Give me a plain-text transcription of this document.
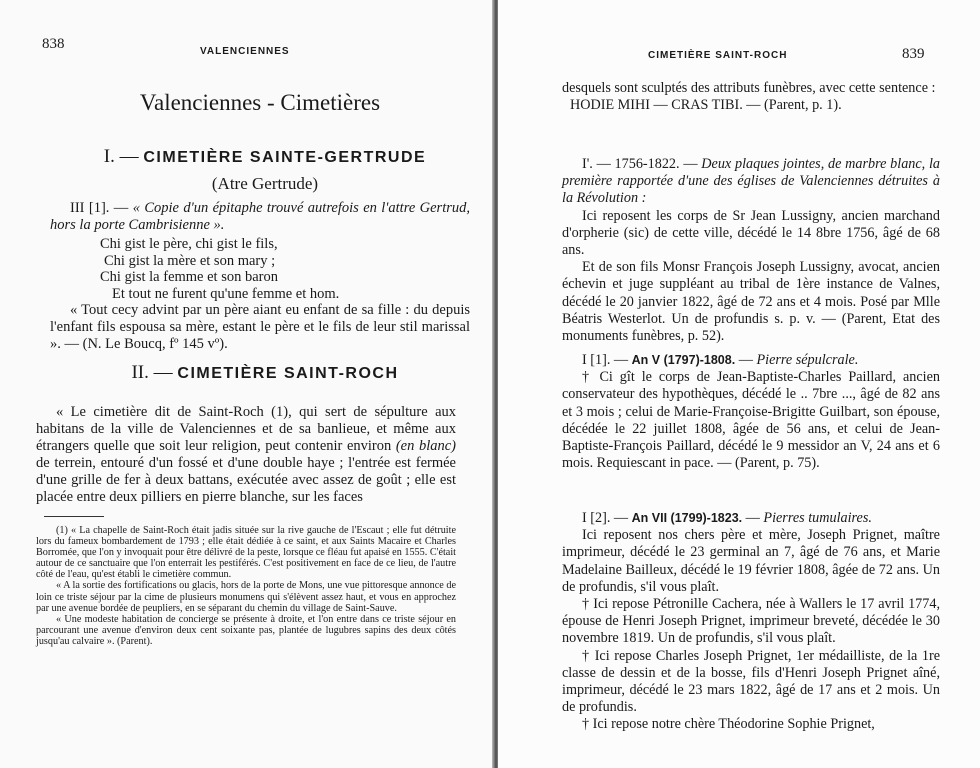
838	VALENCIENNES
Valenciennes - Cimetières
I. — CIMETIÈRE SAINTE-GERTRUDE
(Atre Gertrude)

III [1]. — « Copie d'un épitaphe trouvé autrefois en l'attre Gertrud, hors la porte Cambrisienne ».

Chi gist le père, chi gist le fils,
Chi gist la mère et son mary ;
Chi gist la femme et son baron
Et tout ne furent qu'une femme et hom.

« Tout cecy advint par un père aiant eu enfant de sa fille : du depuis l'enfant fils espousa sa mère, estant le père et le fils de leur stil marissal ». — (N. Le Boucq, fº 145 vº).

II. — CIMETIÈRE SAINT-ROCH

« Le cimetière dit de Saint-Roch (1), qui sert de sépulture aux habitans de la ville de Valenciennes et de sa banlieue, et même aux étrangers quelle que soit leur religion, peut contenir environ (en blanc) de terrein, entouré d'un fossé et d'une double haye ; l'entrée est fermée d'une grille de fer à deux battans, exécutée avec assez de goût ; elle est placée entre deux pilliers en pierre blanche, sur les faces

(1) « La chapelle de Saint-Roch était jadis située sur la rive gauche de l'Escaut ; elle fut détruite lors du fameux bombardement de 1793 ; elle était dédiée à ce saint, et aux Saints Macaire et Charles Borromée, que l'on y invoquait pour être délivré de la peste, lorsque ce fléau fut apaisé en 1555. C'était autour de ce sanctuaire que l'on enterrait les pestiférés. C'est positivement en face de ce lieu, de l'autre côté de l'eau, qu'est établi le cimetière commun.

« A la sortie des fortifications ou glacis, hors de la porte de Mons, une vue pittoresque annonce de loin ce triste séjour par la cime de plusieurs monumens qui s'élèvent assez haut, et vous en approchez par une avenue bordée de peupliers, en se séparant du chemin du village de Saint-Sauve.

« Une modeste habitation de concierge se présente à droite, et l'on entre dans ce triste séjour en parcourant une avenue d'environ deux cent soixante pas, plantée de lugubres sapins des deux côtés jusqu'au calvaire ». (Parent).

CIMETIÈRE SAINT-ROCH	839

desquels sont sculptés des attributs funèbres, avec cette sentence :

HODIE MIHI — CRAS TIBI. — (Parent, p. 1).

I'. — 1756-1822. — Deux plaques jointes, de marbre blanc, la première rapportée d'une des églises de Valenciennes détruites à la Révolution :

Ici reposent les corps de Sr Jean Lussigny, ancien marchand d'orpherie (sic) de cette ville, décédé le 14 8bre 1756, âgé de 68 ans.

Et de son fils Monsr François Joseph Lussigny, avocat, ancien échevin et juge suppléant au tribal de 1ère instance de Valnes, décédé le 20 janvier 1822, âgé de 72 ans et 4 mois. Posé par Mlle Béatris Westerlot. Un de profundis s. p. v. — (Parent, Etat des monuments funèbres, p. 52).

I [1]. — An V (1797)-1808. — Pierre sépulcrale.

† Ci gît le corps de Jean-Baptiste-Charles Paillard, ancien conservateur des hypothèques, décédé le .. 7bre ..., âgé de 82 ans et 3 mois ; celui de Marie-Françoise-Brigitte Guilbart, son épouse, décédée le 22 juillet 1808, âgée de 56 ans, et celui de Jean-Baptiste-François Paillard, décédé le 9 messidor an V, 24 ans et 6 mois. Requiescant in pace. — (Parent, p. 75).

I [2]. — An VII (1799)-1823. — Pierres tumulaires.

Ici reposent nos chers père et mère, Joseph Prignet, maître imprimeur, décédé le 23 germinal an 7, âgé de 76 ans, et Marie Madelaine Bailleux, décédé le 19 février 1808, âgée de 72 ans. Un de profundis, s'il vous plaît.

† Ici repose Pétronille Cachera, née à Wallers le 17 avril 1774, épouse de Henri Joseph Prignet, imprimeur breveté, décédée le 30 novembre 1819. Un de profundis, s'il vous plaît.

† Ici repose Charles Joseph Prignet, 1er médailliste, de la 1re classe de dessin et de la bosse, fils d'Henri Joseph Prignet aîné, imprimeur, décédé le 23 mars 1822, âgé de 17 ans et 2 mois. Un de profundis.

† Ici repose notre chère Théodorine Sophie Prignet,
